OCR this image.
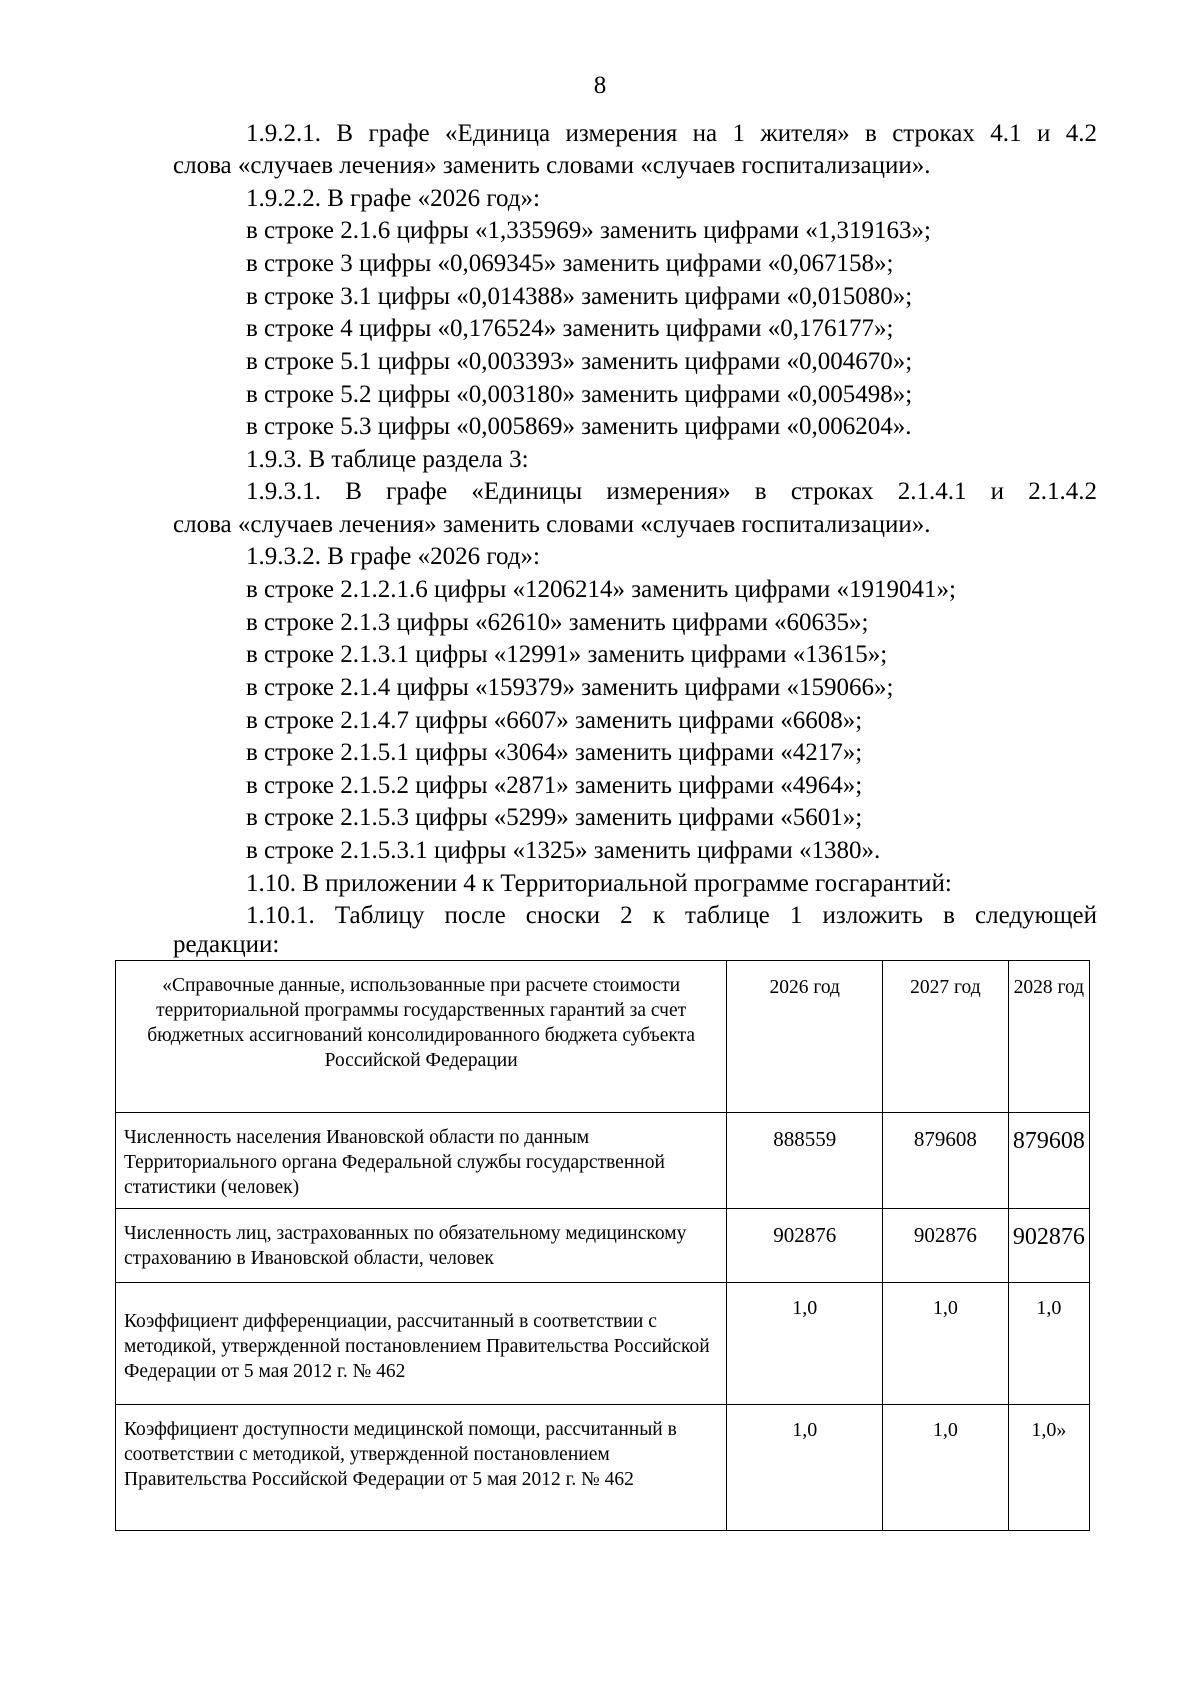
8
1.9.2.1. В графе «Единица измерения на 1 жителя» в строках 4.1 и 4.2
слова «случаев лечения» заменить словами «случаев госпитализации».
1.9.2.2. В графе «2026 год»:
в строке 2.1.6 цифры «1,335969» заменить цифрами «1,319163»;
в строке 3 цифры «0,069345» заменить цифрами «0,067158»;
в строке 3.1 цифры «0,014388» заменить цифрами «0,015080»;
в строке 4 цифры «0,176524» заменить цифрами «0,176177»;
в строке 5.1 цифры «0,003393» заменить цифрами «0,004670»;
в строке 5.2 цифры «0,003180» заменить цифрами «0,005498»;
в строке 5.3 цифры «0,005869» заменить цифрами «0,006204».
1.9.3. В таблице раздела 3:
1.9.3.1. В графе «Единицы измерения» в строках 2.1.4.1 и 2.1.4.2
слова «случаев лечения» заменить словами «случаев госпитализации».
1.9.3.2. В графе «2026 год»:
в строке 2.1.2.1.6 цифры «1206214» заменить цифрами «1919041»;
в строке 2.1.3 цифры «62610» заменить цифрами «60635»;
в строке 2.1.3.1 цифры «12991» заменить цифрами «13615»;
в строке 2.1.4 цифры «159379» заменить цифрами «159066»;
в строке 2.1.4.7 цифры «6607» заменить цифрами «6608»;
в строке 2.1.5.1 цифры «3064» заменить цифрами «4217»;
в строке 2.1.5.2 цифры «2871» заменить цифрами «4964»;
в строке 2.1.5.3 цифры «5299» заменить цифрами «5601»;
в строке 2.1.5.3.1 цифры «1325» заменить цифрами «1380».
1.10. В приложении 4 к Территориальной программе госгарантий:
1.10.1. Таблицу после сноски 2 к таблице 1 изложить в следующей
редакции:
«Справочные данные, использованные при расчете стоимости территориальной программы государственных гарантий за счет бюджетных ассигнований консолидированного бюджета субъекта Российской Федерации	2026 год	2027 год	2028 год
Численность населения Ивановской области по данным Территориального органа Федеральной службы государственной статистики (человек)	888559	879608	879608
Численность лиц, застрахованных по обязательному медицинскому страхованию в Ивановской области, человек	902876	902876	902876
Коэффициент дифференциации, рассчитанный в соответствии с методикой, утвержденной постановлением Правительства Российской Федерации от 5 мая 2012 г. № 462	1,0	1,0	1,0
Коэффициент доступности медицинской помощи, рассчитанный в соответствии с методикой, утвержденной постановлением Правительства Российской Федерации от 5 мая 2012 г. № 462	1,0	1,0	1,0»
